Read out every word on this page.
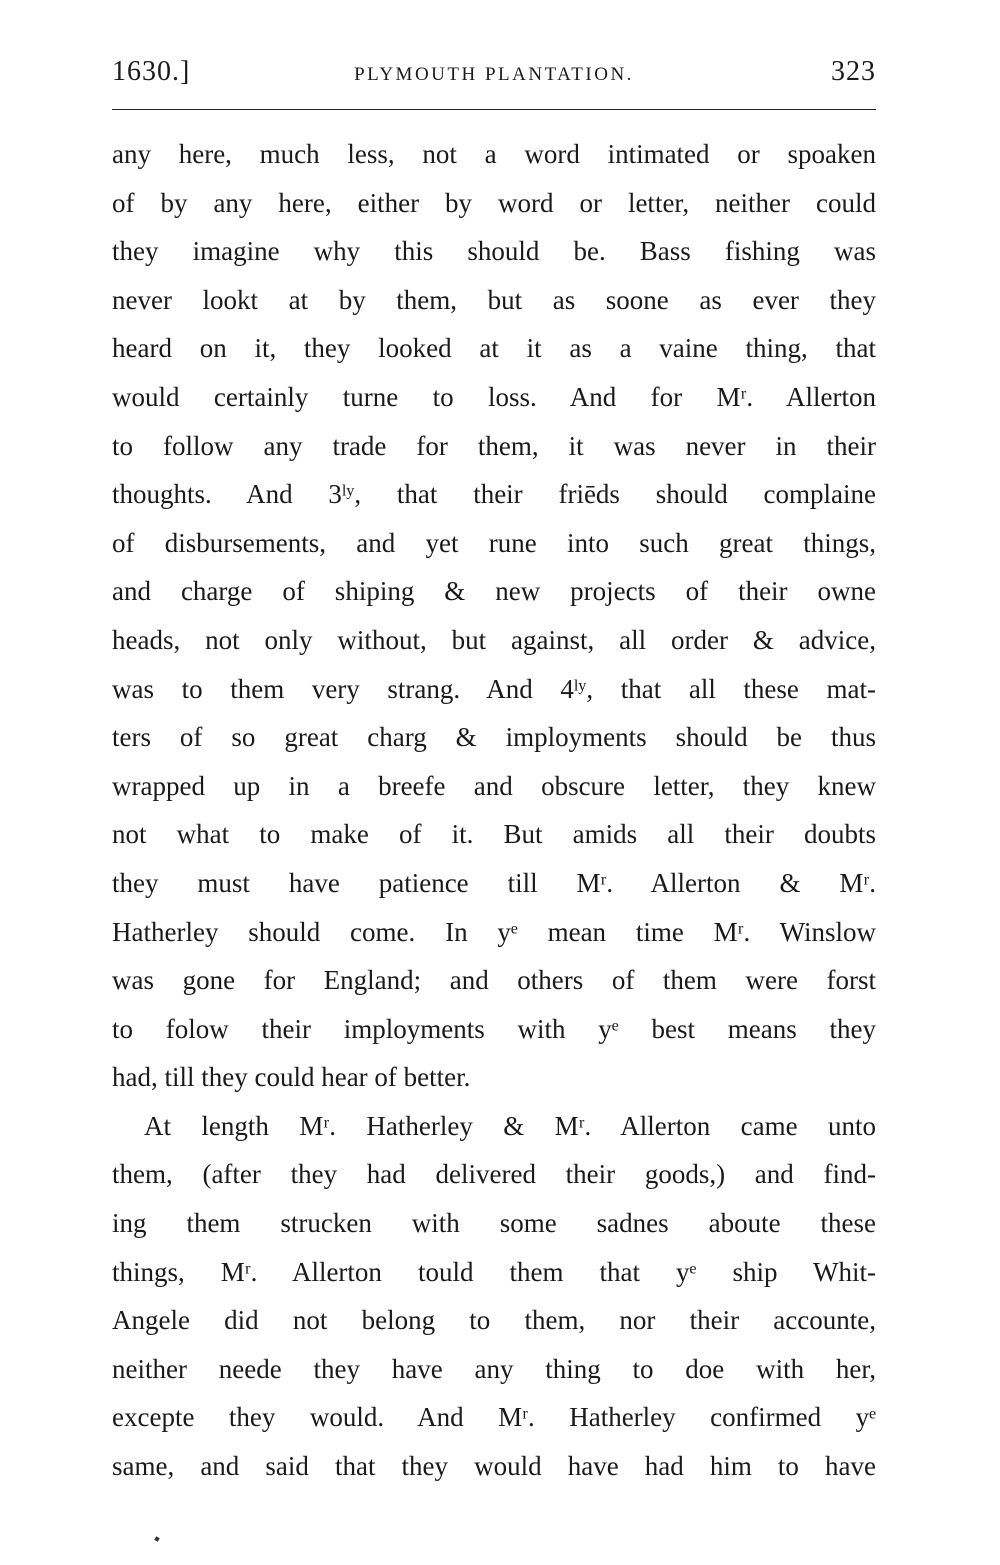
1630.]	PLYMOUTH PLANTATION.	323
any here, much less, not a word intimated or spoaken
of by any here, either by word or letter, neither could
they imagine why this should be. Bass fishing was
never lookt at by them, but as soone as ever they
heard on it, they looked at it as a vaine thing, that
would certainly turne to loss. And for Mʳ. Allerton
to follow any trade for them, it was never in their
thoughts. And 3ˡʸ, that their friēds should complaine
of disbursements, and yet rune into such great things,
and charge of shiping & new projects of their owne
heads, not only without, but against, all order & advice,
was to them very strang. And 4ˡʸ, that all these mat-
ters of so great charg & imployments should be thus
wrapped up in a breefe and obscure letter, they knew
not what to make of it. But amids all their doubts
they must have patience till Mʳ. Allerton & Mʳ.
Hatherley should come. In yᵉ mean time Mʳ. Winslow
was gone for England; and others of them were forst
to folow their imployments with yᵉ best means they
had, till they could hear of better.
At length Mʳ. Hatherley & Mʳ. Allerton came unto
them, (after they had delivered their goods,) and find-
ing them strucken with some sadnes aboute these
things, Mʳ. Allerton tould them that yᵉ ship Whit-
Angele did not belong to them, nor their accounte,
neither neede they have any thing to doe with her,
excepte they would. And Mʳ. Hatherley confirmed yᵉ
same, and said that they would have had him to have
